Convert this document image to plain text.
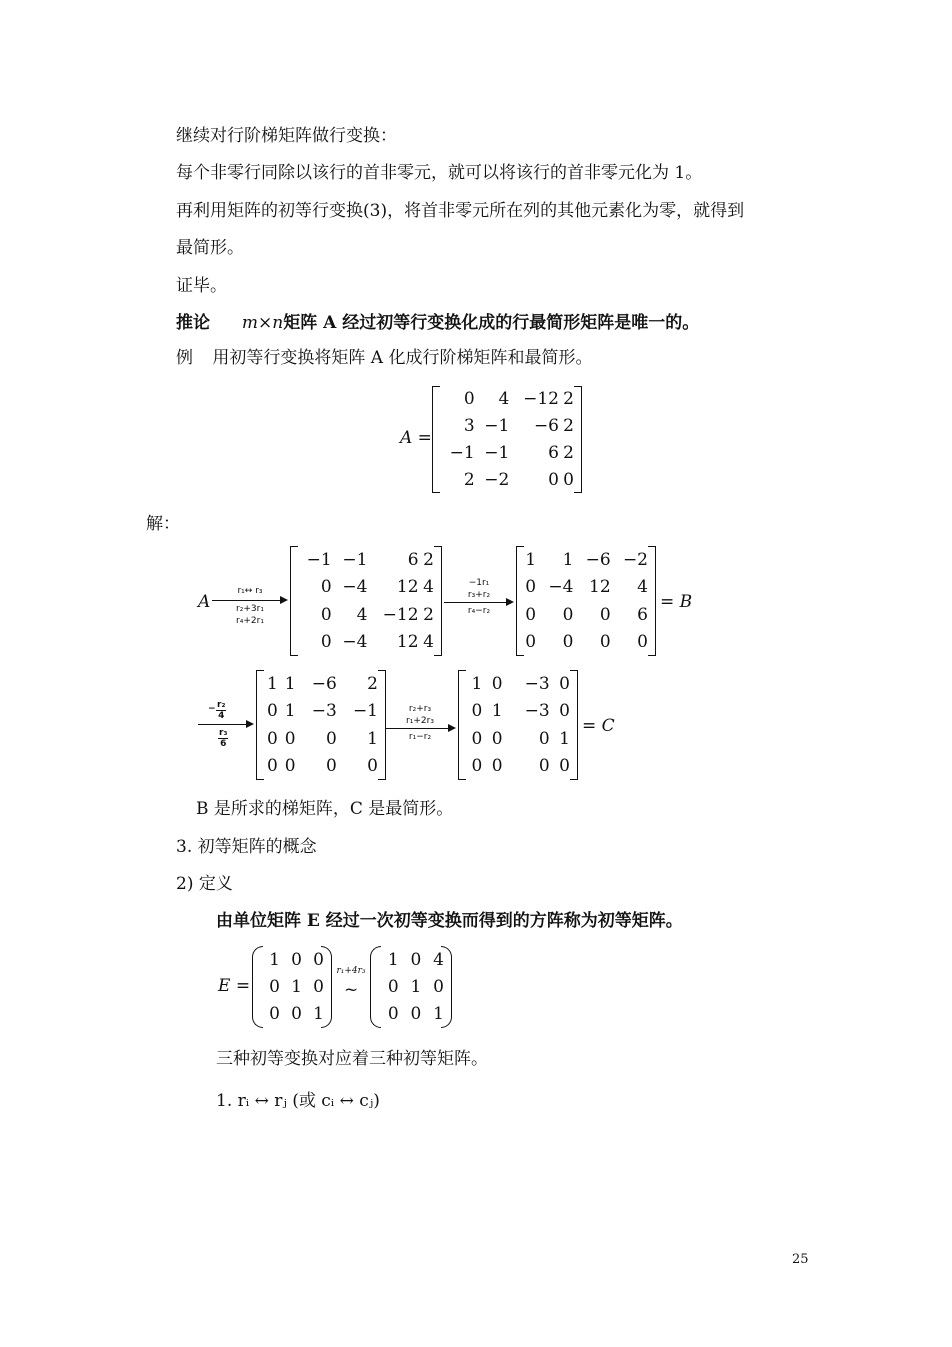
继续对行阶梯矩阵做行变换：
每个非零行同除以该行的首非零元，就可以将该行的首非零元化为 1。
再利用矩阵的初等行变换(3)，将首非零元所在列的其他元素化为零，就得到
最简形。
证毕。
推论 m×n矩阵 A 经过初等行变换化成的行最简形矩阵是唯一的。
例 用初等行变换将矩阵 A 化成行阶梯矩阵和最简形。
A =
0	4	−12	2
3	−1	−6	2
−1	−1	6	2
2	−2	0	0
解：
A
r₁↔ r₃
r₂+3r₁
r₄+2r₁
−1	−1	6	2
0	−4	12	4
0	4	−12	2
0	−4	12	4
−1r₁
r₃+r₂
r₄−r₂
1	1	−6	−2
0	−4	12	4
0	0	0	6
0	0	0	0
= B
− r₂
4
$\frac{\text{r₃}}{6}$
1	1	−6	2
0	1	−3	−1
0	0	0	1
0	0	0	0
r₂+r₃
r₁+2r₃
r₁−r₂
1	0	−3	0
0	1	−3	0
0	0	0	1
0	0	0	0
= C
B 是所求的梯矩阵，C 是最简形。
3. 初等矩阵的概念
2) 定义
由单位矩阵 E 经过一次初等变换而得到的方阵称为初等矩阵。
E =
1	0	0
0	1	0
0	0	1
r₁+4r₃
~
1	0	4
0	1	0
0	0	1
三种初等变换对应着三种初等矩阵。
1. rᵢ ↔ rⱼ (或 cᵢ ↔ cⱼ)
25
